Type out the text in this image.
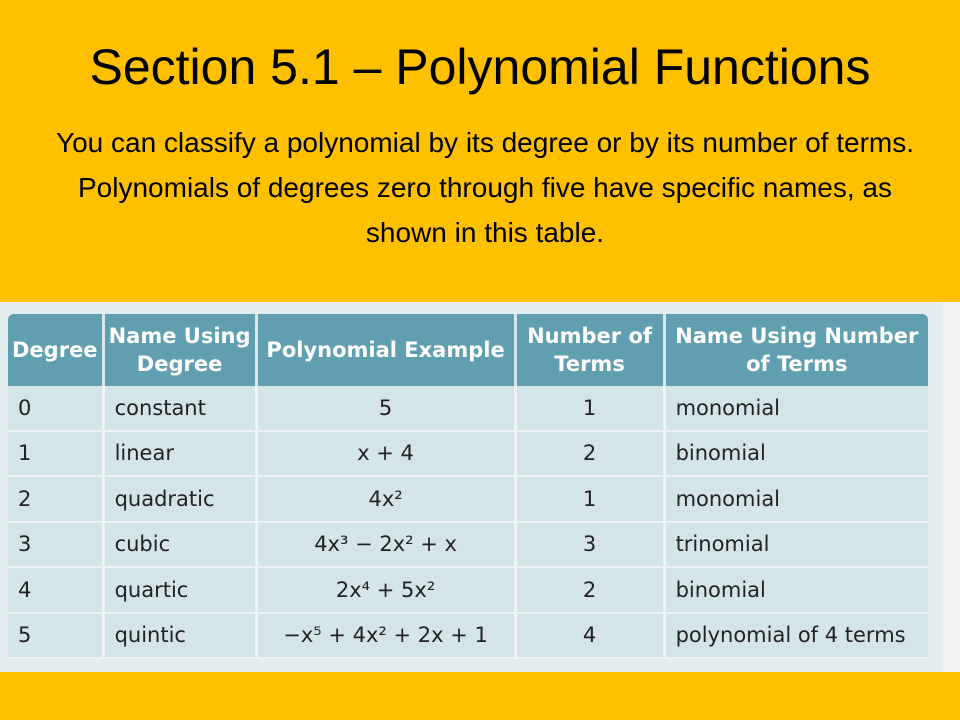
Section 5.1 – Polynomial Functions
You can classify a polynomial by its degree or by its number of terms. Polynomials of degrees zero through five have specific names, as shown in this table.
Degree	Name Using Degree	Polynomial Example	Number of Terms	Name Using Number of Terms
0	constant	5	1	monomial
1	linear	x + 4	2	binomial
2	quadratic	4x²	1	monomial
3	cubic	4x³ − 2x² + x	3	trinomial
4	quartic	2x⁴ + 5x²	2	binomial
5	quintic	−x⁵ + 4x² + 2x + 1	4	polynomial of 4 terms
